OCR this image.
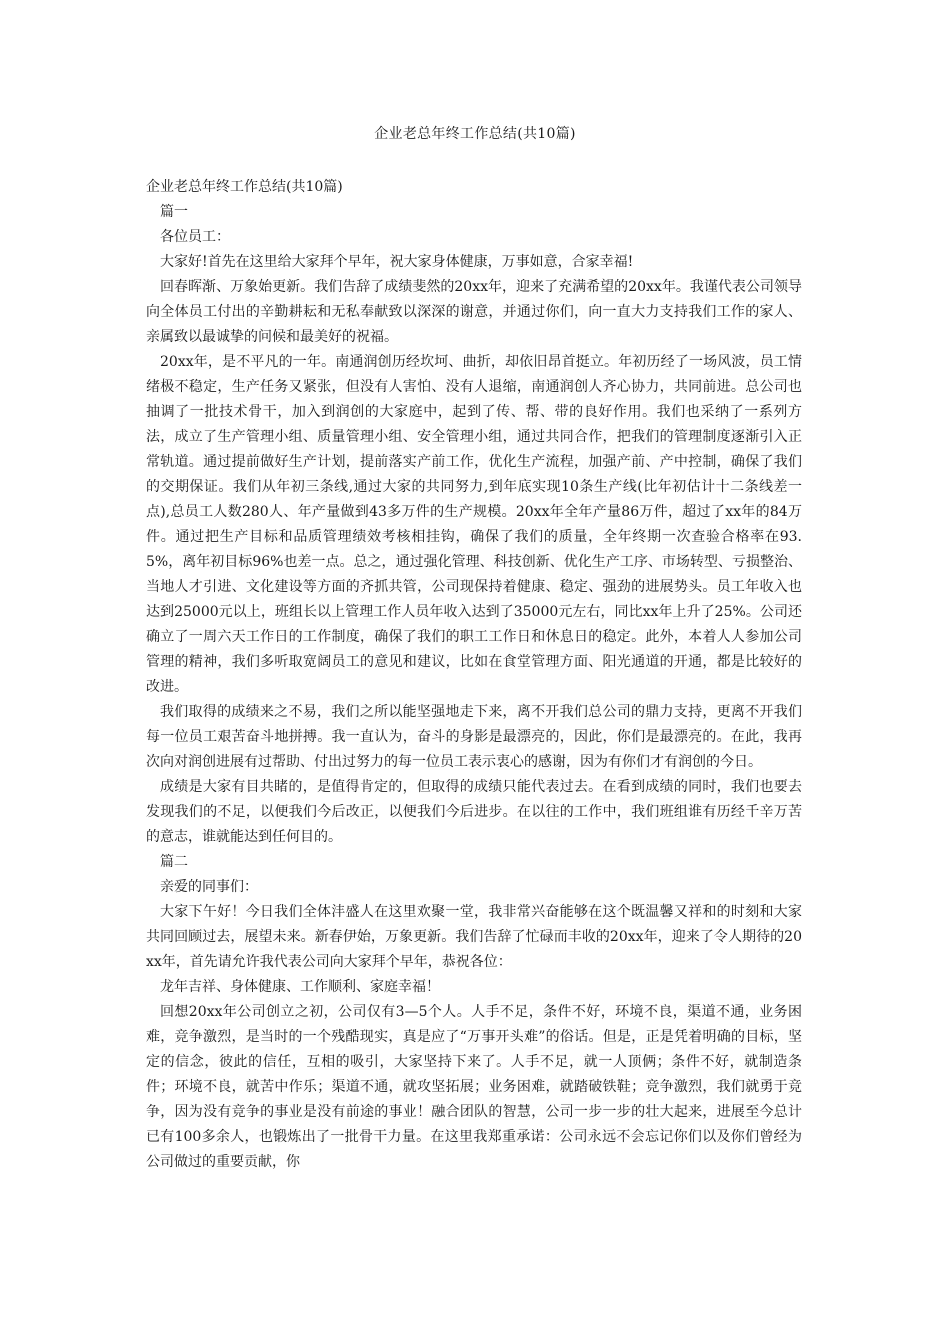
企业老总年终工作总结(共10篇)

企业老总年终工作总结(共10篇)

篇一

各位员工：

大家好!首先在这里给大家拜个早年，祝大家身体健康，万事如意，合家幸福!

回春晖渐、万象始更新。我们告辞了成绩斐然的20xx年，迎来了充满希望的20xx年。我谨代表公司领导向全体员工付出的辛勤耕耘和无私奉献致以深深的谢意，并通过你们，向一直大力支持我们工作的家人、亲属致以最诚挚的问候和最美好的祝福。

20xx年，是不平凡的一年。南通润创历经坎坷、曲折，却依旧昂首挺立。年初历经了一场风波，员工情绪极不稳定，生产任务又紧张，但没有人害怕、没有人退缩，南通润创人齐心协力，共同前进。总公司也抽调了一批技术骨干，加入到润创的大家庭中，起到了传、帮、带的良好作用。我们也采纳了一系列方法，成立了生产管理小组、质量管理小组、安全管理小组，通过共同合作，把我们的管理制度逐渐引入正常轨道。通过提前做好生产计划，提前落实产前工作，优化生产流程，加强产前、产中控制，确保了我们的交期保证。我们从年初三条线,通过大家的共同努力,到年底实现10条生产线(比年初估计十二条线差一点),总员工人数280人、年产量做到43多万件的生产规模。20xx年全年产量86万件，超过了xx年的84万件。通过把生产目标和品质管理绩效考核相挂钩，确保了我们的质量，全年终期一次查验合格率在93.5%，离年初目标96%也差一点。总之，通过强化管理、科技创新、优化生产工序、市场转型、亏损整治、当地人才引进、文化建设等方面的齐抓共管，公司现保持着健康、稳定、强劲的进展势头。员工年收入也达到25000元以上，班组长以上管理工作人员年收入达到了35000元左右，同比xx年上升了25%。公司还确立了一周六天工作日的工作制度，确保了我们的职工工作日和休息日的稳定。此外，本着人人参加公司管理的精神，我们多听取宽阔员工的意见和建议，比如在食堂管理方面、阳光通道的开通，都是比较好的改进。

我们取得的成绩来之不易，我们之所以能坚强地走下来，离不开我们总公司的鼎力支持，更离不开我们每一位员工艰苦奋斗地拼搏。我一直认为，奋斗的身影是最漂亮的，因此，你们是最漂亮的。在此，我再次向对润创进展有过帮助、付出过努力的每一位员工表示衷心的感谢，因为有你们才有润创的今日。

成绩是大家有目共睹的，是值得肯定的，但取得的成绩只能代表过去。在看到成绩的同时，我们也要去发现我们的不足，以便我们今后改正，以便我们今后进步。在以往的工作中，我们班组谁有历经千辛万苦的意志，谁就能达到任何目的。

篇二

亲爱的同事们：

大家下午好！今日我们全体沣盛人在这里欢聚一堂，我非常兴奋能够在这个既温馨又祥和的时刻和大家共同回顾过去，展望未来。新春伊始，万象更新。我们告辞了忙碌而丰收的20xx年，迎来了令人期待的20xx年，首先请允许我代表公司向大家拜个早年，恭祝各位：

龙年吉祥、身体健康、工作顺利、家庭幸福！

回想20xx年公司创立之初，公司仅有3—5个人。人手不足，条件不好，环境不良，渠道不通，业务困难，竞争激烈，是当时的一个残酷现实，真是应了“万事开头难”的俗话。但是，正是凭着明确的目标，坚定的信念，彼此的信任，互相的吸引，大家坚持下来了。人手不足，就一人顶俩；条件不好，就制造条件；环境不良，就苦中作乐；渠道不通，就攻坚拓展；业务困难，就踏破铁鞋；竞争激烈，我们就勇于竞争，因为没有竞争的事业是没有前途的事业！融合团队的智慧，公司一步一步的壮大起来，进展至今总计已有100多余人，也锻炼出了一批骨干力量。在这里我郑重承诺：公司永远不会忘记你们以及你们曾经为公司做过的重要贡献，你
